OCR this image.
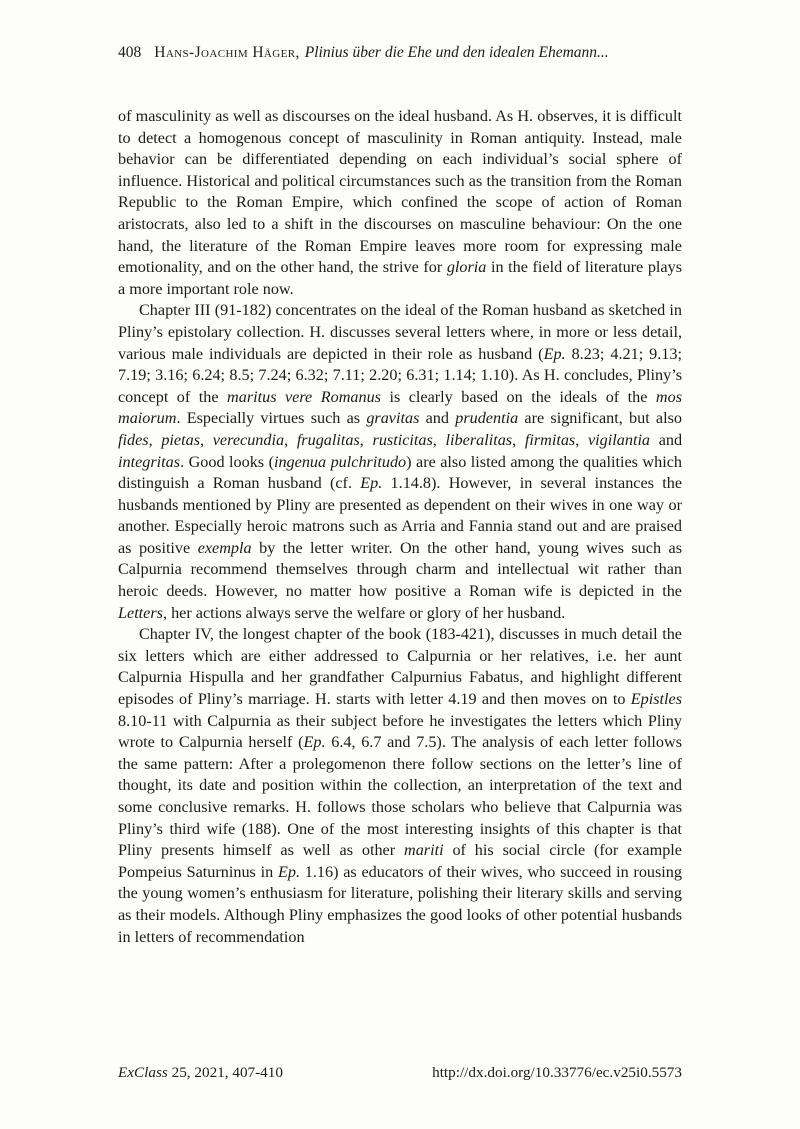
408 Hans-Joachim Häger, Plinius über die Ehe und den idealen Ehemann...

of masculinity as well as discourses on the ideal husband. As H. observes, it is difficult to detect a homogenous concept of masculinity in Roman antiquity. Instead, male behavior can be differentiated depending on each individual’s social sphere of influence. Historical and political circumstances such as the transition from the Roman Republic to the Roman Empire, which confined the scope of action of Roman aristocrats, also led to a shift in the discourses on masculine behaviour: On the one hand, the literature of the Roman Empire leaves more room for expressing male emotionality, and on the other hand, the strive for gloria in the field of literature plays a more important role now.

Chapter III (91-182) concentrates on the ideal of the Roman husband as sketched in Pliny’s epistolary collection. H. discusses several letters where, in more or less detail, various male individuals are depicted in their role as husband (Ep. 8.23; 4.21; 9.13; 7.19; 3.16; 6.24; 8.5; 7.24; 6.32; 7.11; 2.20; 6.31; 1.14; 1.10). As H. concludes, Pliny’s concept of the maritus vere Romanus is clearly based on the ideals of the mos maiorum. Especially virtues such as gravitas and prudentia are significant, but also fides, pietas, verecundia, frugalitas, rusticitas, liberalitas, firmitas, vigilantia and integritas. Good looks (ingenua pulchritudo) are also listed among the qualities which distinguish a Roman husband (cf. Ep. 1.14.8). However, in several instances the husbands mentioned by Pliny are presented as dependent on their wives in one way or another. Especially heroic matrons such as Arria and Fannia stand out and are praised as positive exempla by the letter writer. On the other hand, young wives such as Calpurnia recommend themselves through charm and intellectual wit rather than heroic deeds. However, no matter how positive a Roman wife is depicted in the Letters, her actions always serve the welfare or glory of her husband.

Chapter IV, the longest chapter of the book (183-421), discusses in much detail the six letters which are either addressed to Calpurnia or her relatives, i.e. her aunt Calpurnia Hispulla and her grandfather Calpurnius Fabatus, and highlight different episodes of Pliny’s marriage. H. starts with letter 4.19 and then moves on to Epistles 8.10-11 with Calpurnia as their subject before he investigates the letters which Pliny wrote to Calpurnia herself (Ep. 6.4, 6.7 and 7.5). The analysis of each letter follows the same pattern: After a prolegomenon there follow sections on the letter’s line of thought, its date and position within the collection, an interpretation of the text and some conclusive remarks. H. follows those scholars who believe that Calpurnia was Pliny’s third wife (188). One of the most interesting insights of this chapter is that Pliny presents himself as well as other mariti of his social circle (for example Pompeius Saturninus in Ep. 1.16) as educators of their wives, who succeed in rousing the young women’s enthusiasm for literature, polishing their literary skills and serving as their models. Although Pliny emphasizes the good looks of other potential husbands in letters of recommendation

ExClass 25, 2021, 407-410	http://dx.doi.org/10.33776/ec.v25i0.5573
